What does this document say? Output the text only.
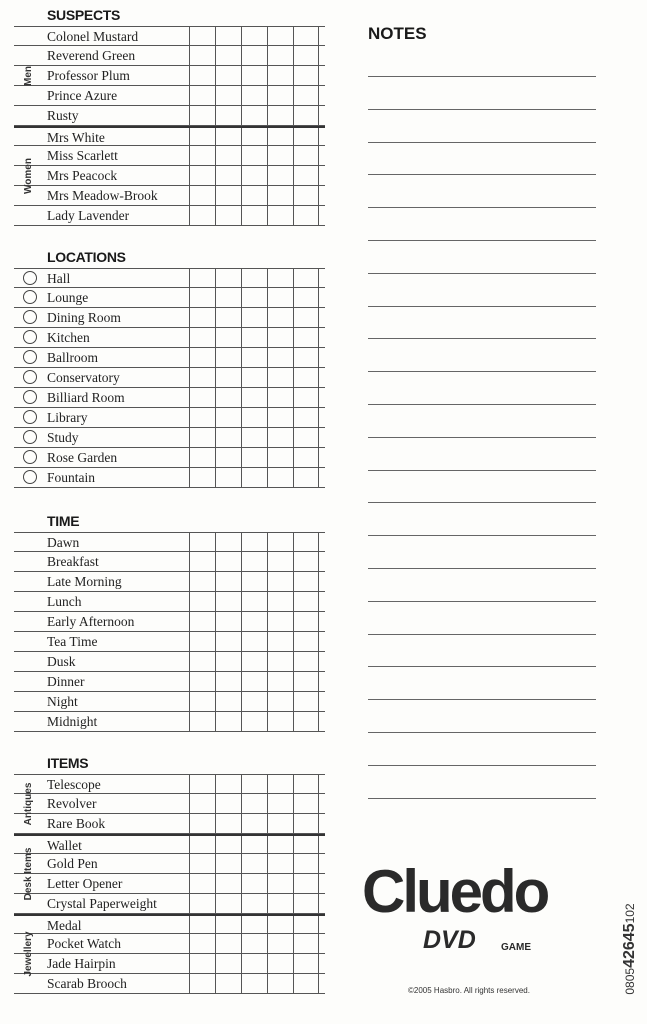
SUSPECTS
LOCATIONS
TIME
ITEMS
Colonel Mustard
Reverend Green
Professor Plum
Prince Azure
Rusty
Men
Mrs White
Miss Scarlett
Mrs Peacock
Mrs Meadow-Brook
Lady Lavender
Women
Hall
Lounge
Dining Room
Kitchen
Ballroom
Conservatory
Billiard Room
Library
Study
Rose Garden
Fountain
Dawn
Breakfast
Late Morning
Lunch
Early Afternoon
Tea Time
Dusk
Dinner
Night
Midnight
Telescope
Revolver
Rare Book
Antiques
Wallet
Gold Pen
Letter Opener
Crystal Paperweight
Desk Items
Medal
Pocket Watch
Jade Hairpin
Scarab Brooch
Jewellery
NOTES
Cluedo
DVD	GAME
©2005 Hasbro. All rights reserved.	080542645102
